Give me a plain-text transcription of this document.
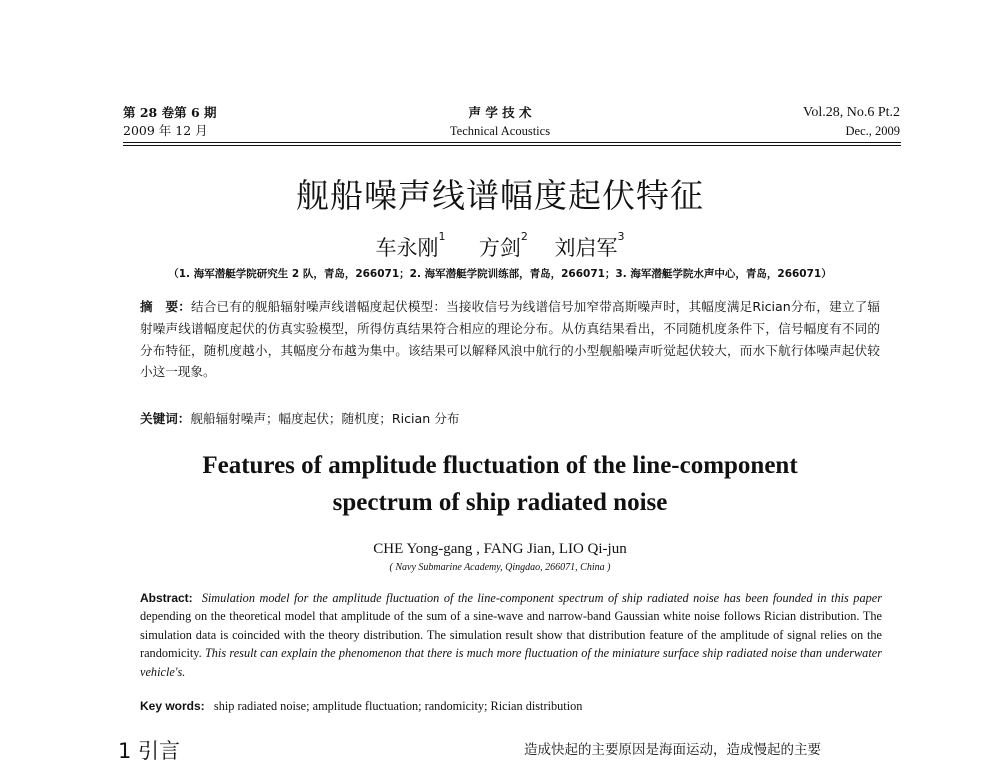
第 28 卷第 6 期
2009 年 12 月
声 学 技 术
Technical Acoustics
Vol.28, No.6 Pt.2
Dec., 2009
舰船噪声线谱幅度起伏特征
车永刚$^1$ 方剑$^2$ 刘启军$^3$
（1. 海军潜艇学院研究生 2 队，青岛，266071；2. 海军潜艇学院训练部，青岛，266071；3. 海军潜艇学院水声中心，青岛，266071）
摘　要：结合已有的舰船辐射噪声线谱幅度起伏模型：当接收信号为线谱信号加窄带高斯噪声时，其幅度满足Rician分布，建立了辐射噪声线谱幅度起伏的仿真实验模型，所得仿真结果符合相应的理论分布。从仿真结果看出，不同随机度条件下，信号幅度有不同的分布特征，随机度越小，其幅度分布越为集中。该结果可以解释风浪中航行的小型舰船噪声听觉起伏较大，而水下航行体噪声起伏较小这一现象。
关键词：舰船辐射噪声；幅度起伏；随机度；Rician 分布
Features of amplitude fluctuation of the line-component
spectrum of ship radiated noise
CHE Yong-gang , FANG Jian, LIO Qi-jun
( Navy Submarine Academy, Qingdao, 266071, China )
Abstract: Simulation model for the amplitude fluctuation of the line-component spectrum of ship radiated noise has been founded in this paper depending on the theoretical model that amplitude of the sum of a sine-wave and narrow-band Gaussian white noise follows Rician distribution. The simulation data is coincided with the theory distribution. The simulation result show that distribution feature of the amplitude of signal relies on the randomicity. This result can explain the phenomenon that there is much more fluctuation of the miniature surface ship radiated noise than underwater vehicle's.
Key words: ship radiated noise; amplitude fluctuation; randomicity; Rician distribution
1 引言	造成快起的主要原因是海面运动，造成慢起的主要
